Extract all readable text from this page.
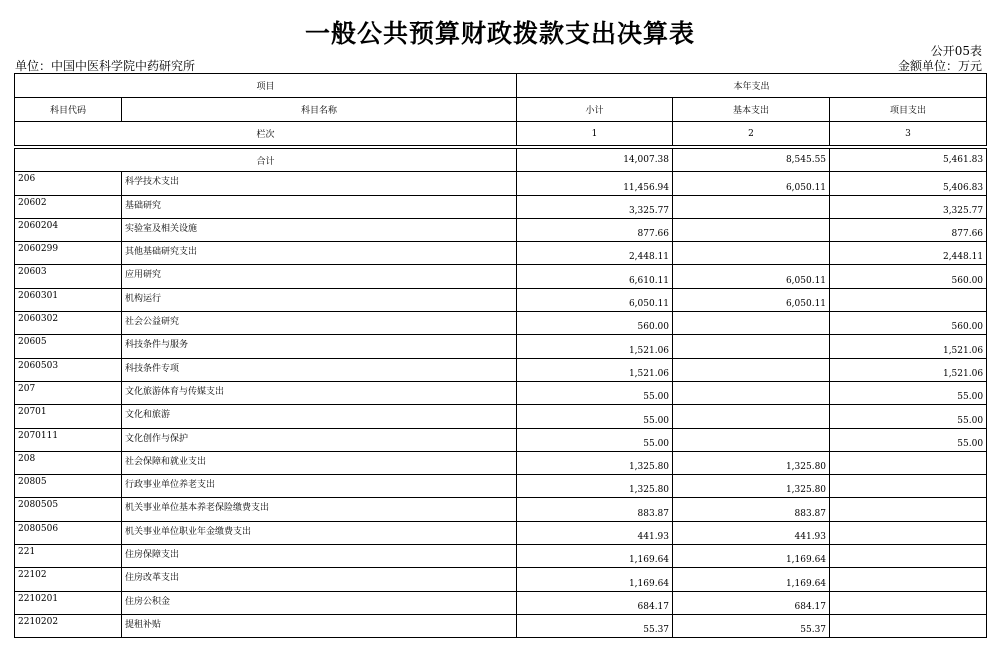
一般公共预算财政拨款支出决算表
公开05表
单位：中国中医科学院中药研究所	金额单位：万元
项目		本年支出		
科目代码	科目名称	小计	基本支出	项目支出
栏次		1	2	3

合计		14,007.38	8,545.55	5,461.83
206	科学技术支出	11,456.94	6,050.11	5,406.83
20602	基础研究	3,325.77		3,325.77
2060204	实验室及相关设施	877.66		877.66
2060299	其他基础研究支出	2,448.11		2,448.11
20603	应用研究	6,610.11	6,050.11	560.00
2060301	机构运行	6,050.11	6,050.11	
2060302	社会公益研究	560.00		560.00
20605	科技条件与服务	1,521.06		1,521.06
2060503	科技条件专项	1,521.06		1,521.06
207	文化旅游体育与传媒支出	55.00		55.00
20701	文化和旅游	55.00		55.00
2070111	文化创作与保护	55.00		55.00
208	社会保障和就业支出	1,325.80	1,325.80	
20805	行政事业单位养老支出	1,325.80	1,325.80	
2080505	机关事业单位基本养老保险缴费支出	883.87	883.87	
2080506	机关事业单位职业年金缴费支出	441.93	441.93	
221	住房保障支出	1,169.64	1,169.64	
22102	住房改革支出	1,169.64	1,169.64	
2210201	住房公积金	684.17	684.17	
2210202	提租补贴	55.37	55.37	
